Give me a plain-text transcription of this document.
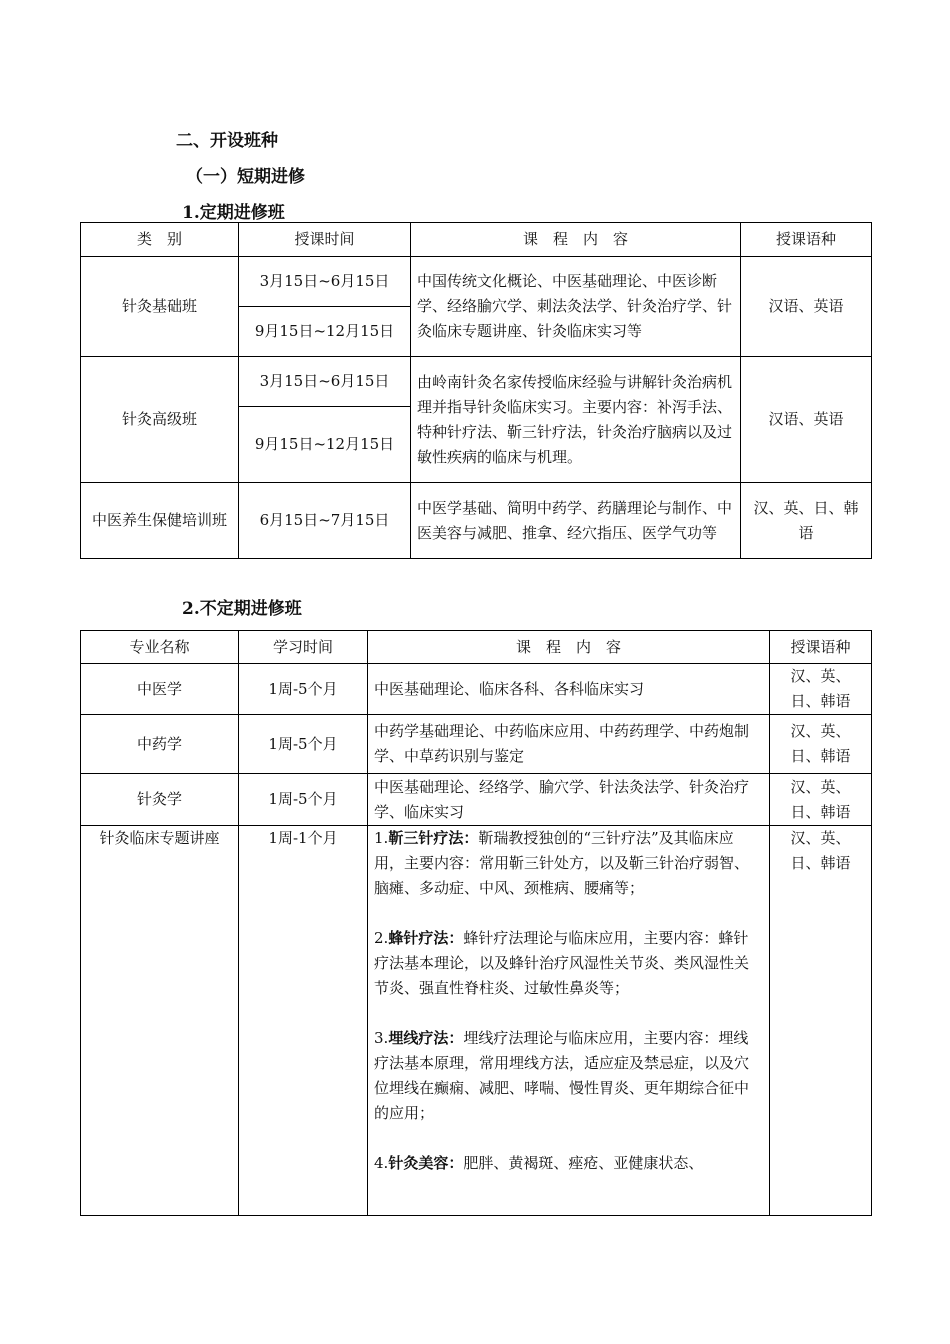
二、开设班种
（一）短期进修
1.定期进修班
类　别	授课时间	课　程　内　容	授课语种
针灸基础班	3月15日~6月15日	中国传统文化概论、中医基础理论、中医诊断学、经络腧穴学、刺法灸法学、针灸治疗学、针灸临床专题讲座、针灸临床实习等	汉语、英语
	9月15日~12月15日		
针灸高级班	3月15日~6月15日	由岭南针灸名家传授临床经验与讲解针灸治病机理并指导针灸临床实习。主要内容：补泻手法、特种针疗法、靳三针疗法，针灸治疗脑病以及过敏性疾病的临床与机理。	汉语、英语
	9月15日~12月15日		
中医养生保健培训班	6月15日~7月15日	中医学基础、简明中药学、药膳理论与制作、中医美容与减肥、推拿、经穴指压、医学气功等	汉、英、日、韩语
2.不定期进修班
专业名称	学习时间	课　程　内　容	授课语种
中医学	1周-5个月	中医基础理论、临床各科、各科临床实习	汉、英、日、韩语
中药学	1周-5个月	中药学基础理论、中药临床应用、中药药理学、中药炮制学、中草药识别与鉴定	汉、英、日、韩语
针灸学	1周-5个月	中医基础理论、经络学、腧穴学、针法灸法学、针灸治疗学、临床实习	汉、英、日、韩语
针灸临床专题讲座	1周-1个月	1.靳三针疗法：靳瑞教授独创的“三针疗法”及其临床应用，主要内容：常用靳三针处方，以及靳三针治疗弱智、脑瘫、多动症、中风、颈椎病、腰痛等；

2.蜂针疗法：蜂针疗法理论与临床应用，主要内容：蜂针疗法基本理论，以及蜂针治疗风湿性关节炎、类风湿性关节炎、强直性脊柱炎、过敏性鼻炎等；

3.埋线疗法：埋线疗法理论与临床应用，主要内容：埋线疗法基本原理，常用埋线方法，适应症及禁忌症，以及穴位埋线在癫痫、减肥、哮喘、慢性胃炎、更年期综合征中的应用；

4.针灸美容：肥胖、黄褐斑、痤疮、亚健康状态、	汉、英、日、韩语
